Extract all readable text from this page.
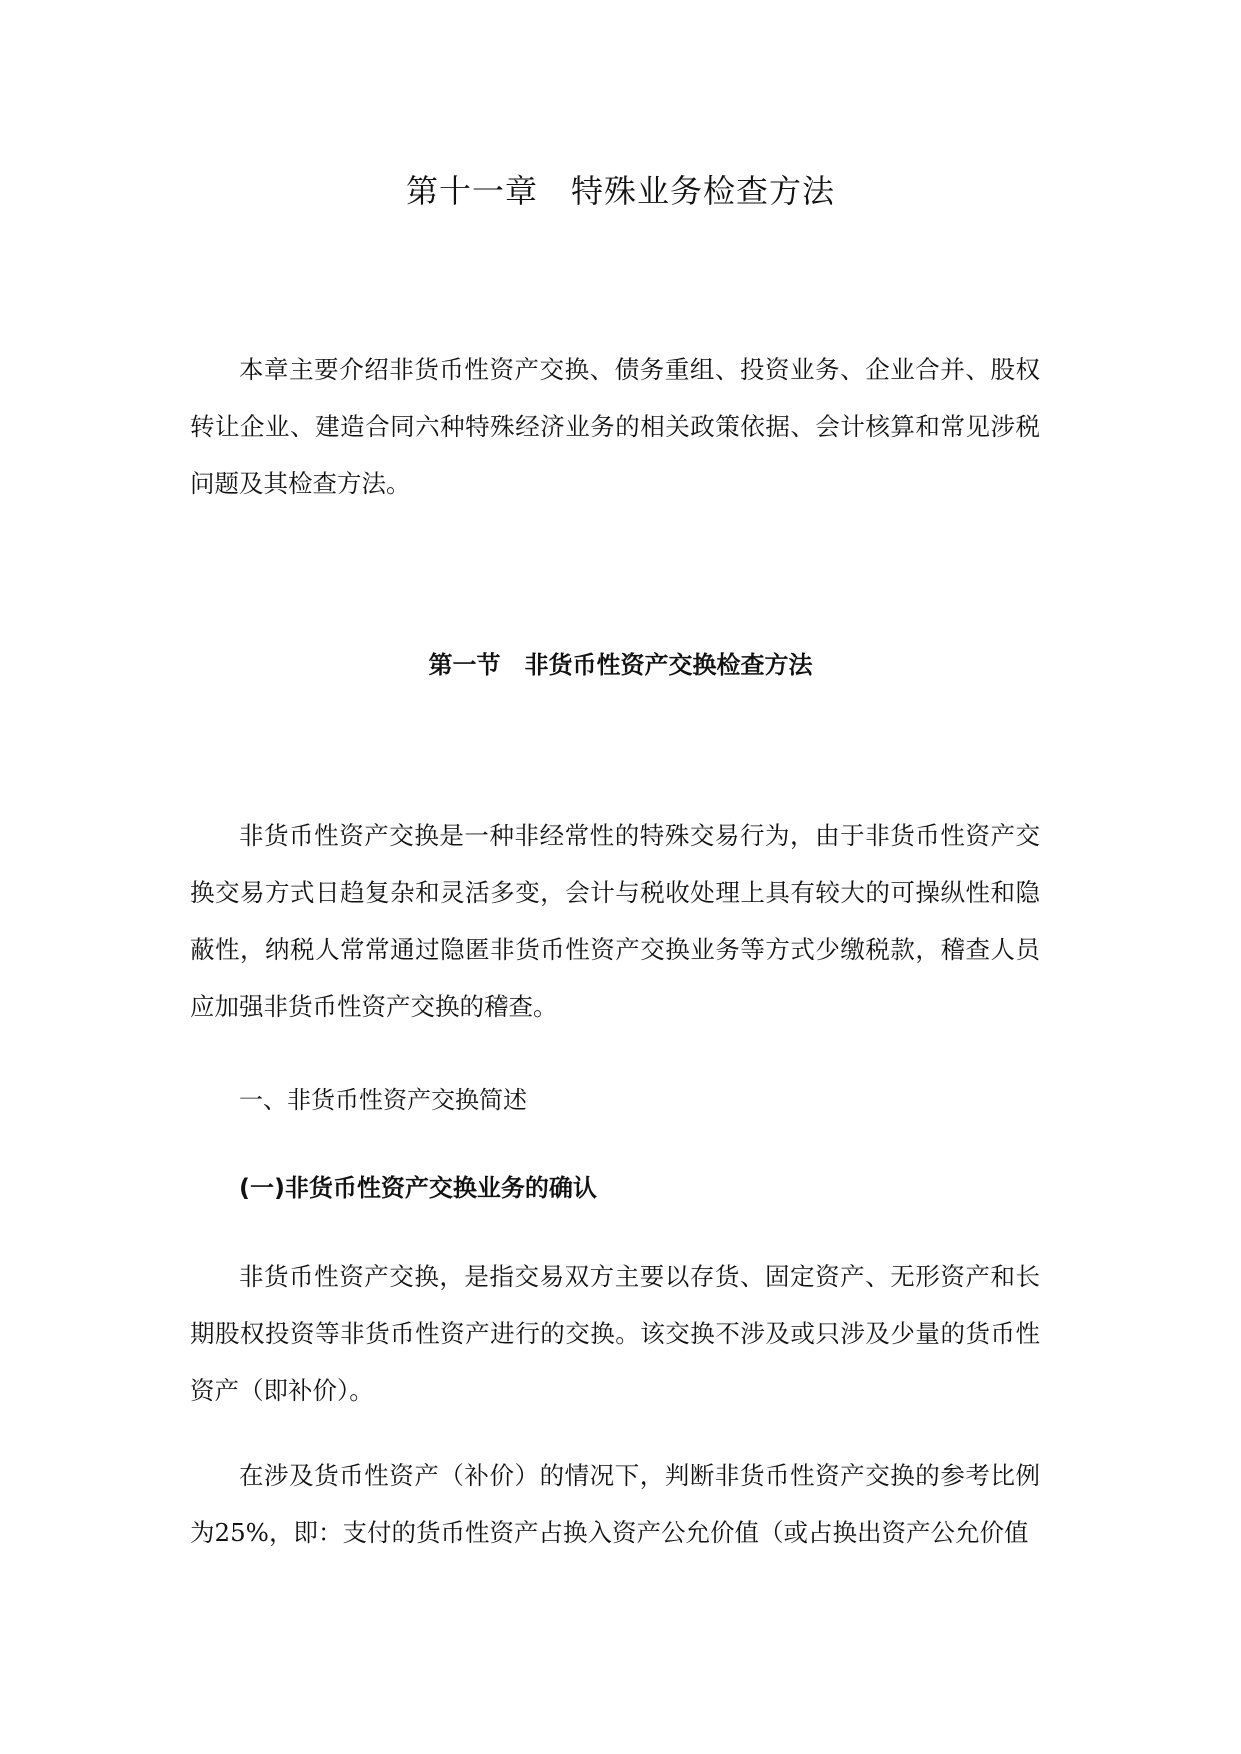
第十一章　特殊业务检查方法

本章主要介绍非货币性资产交换、债务重组、投资业务、企业合并、股权转让企业、建造合同六种特殊经济业务的相关政策依据、会计核算和常见涉税问题及其检查方法。

第一节　非货币性资产交换检查方法

非货币性资产交换是一种非经常性的特殊交易行为，由于非货币性资产交换交易方式日趋复杂和灵活多变，会计与税收处理上具有较大的可操纵性和隐蔽性，纳税人常常通过隐匿非货币性资产交换业务等方式少缴税款，稽查人员应加强非货币性资产交换的稽查。

一、非货币性资产交换简述

(一)非货币性资产交换业务的确认

非货币性资产交换，是指交易双方主要以存货、固定资产、无形资产和长期股权投资等非货币性资产进行的交换。该交换不涉及或只涉及少量的货币性资产（即补价）。

在涉及货币性资产（补价）的情况下，判断非货币性资产交换的参考比例为25%，即：支付的货币性资产占换入资产公允价值（或占换出资产公允价值
